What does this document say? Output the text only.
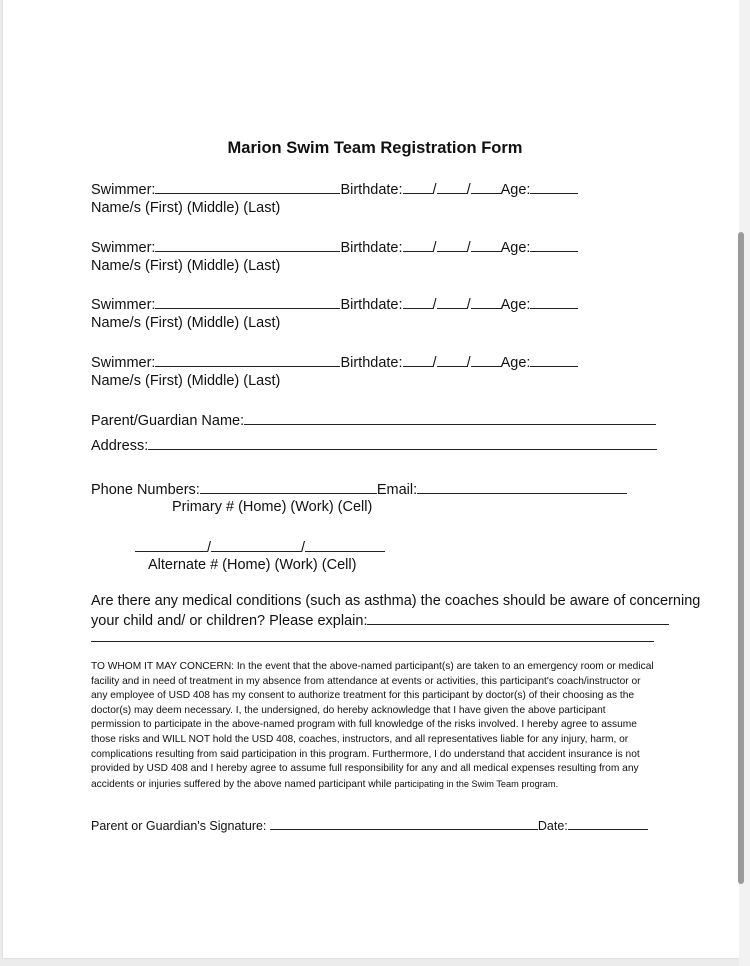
Marion Swim Team Registration Form
Swimmer:	Birthdate: / / Age:
Name/s (First) (Middle) (Last)
Swimmer:	Birthdate: / / Age:
Name/s (First) (Middle) (Last)
Swimmer:	Birthdate: / / Age:
Name/s (First) (Middle) (Last)
Swimmer:	Birthdate: / / Age:
Name/s (First) (Middle) (Last)
Parent/Guardian Name:
Address:
Phone Numbers:	Email:
Primary # (Home) (Work) (Cell)
/	/
Alternate # (Home) (Work) (Cell)
Are there any medical conditions (such as asthma) the coaches should be aware of concerning
your child and/ or children? Please explain:
TO WHOM IT MAY CONCERN: In the event that the above-named participant(s) are taken to an emergency room or medical facility and in need of treatment in my absence from attendance at events or activities, this participant's coach/instructor or any employee of USD 408 has my consent to authorize treatment for this participant by doctor(s) of their choosing as the doctor(s) may deem necessary. I, the undersigned, do hereby acknowledge that I have given the above participant permission to participate in the above-named program with full knowledge of the risks involved. I hereby agree to assume those risks and WILL NOT hold the USD 408, coaches, instructors, and all representatives liable for any injury, harm, or complications resulting from said participation in this program. Furthermore, I do understand that accident insurance is not provided by USD 408 and I hereby agree to assume full responsibility for any and all medical expenses resulting from any accidents or injuries suffered by the above named participant while participating in the Swim Team program.
Parent or Guardian's Signature:	Date:
